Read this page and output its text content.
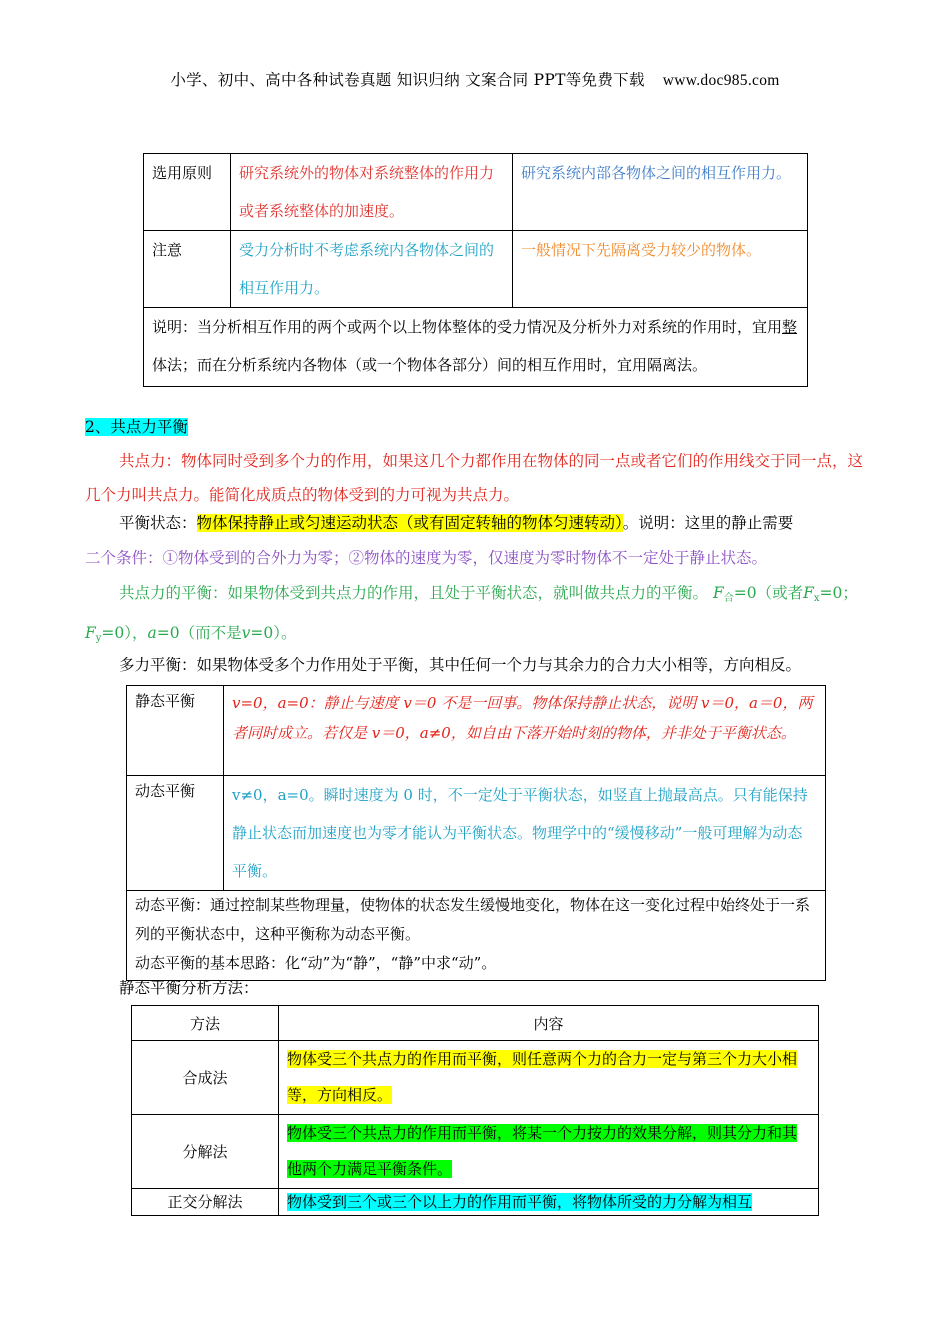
小学、初中、高中各种试卷真题 知识归纳 文案合同 PPT等免费下载 www.doc985.com
选用原则	研究系统外的物体对系统整体的作用力或者系统整体的加速度。	研究系统内部各物体之间的相互作用力。
注意	受力分析时不考虑系统内各物体之间的相互作用力。	一般情况下先隔离受力较少的物体。
说明：当分析相互作用的两个或两个以上物体整体的受力情况及分析外力对系统的作用时，宜用整体法；而在分析系统内各物体（或一个物体各部分）间的相互作用时，宜用隔离法。		
2、共点力平衡
共点力：物体同时受到多个力的作用，如果这几个力都作用在物体的同一点或者它们的作用线交于同一点，这几个力叫共点力。能简化成质点的物体受到的力可视为共点力。
平衡状态：物体保持静止或匀速运动状态（或有固定转轴的物体匀速转动）。说明：这里的静止需要
二个条件：①物体受到的合外力为零；②物体的速度为零，仅速度为零时物体不一定处于静止状态。
共点力的平衡：如果物体受到共点力的作用，且处于平衡状态，就叫做共点力的平衡。 $F_合=0$（或者$F_x=0$；$F_y=0$），a=0（而不是v=0）。
多力平衡：如果物体受多个力作用处于平衡，其中任何一个力与其余力的合力大小相等，方向相反。
静态平衡	v=0，a=0：静止与速度 v＝0 不是一回事。物体保持静止状态，说明 v＝0，a＝0，两者同时成立。若仅是 v＝0，a≠0，如自由下落开始时刻的物体，并非处于平衡状态。
动态平衡	v≠0，a=0。瞬时速度为 0 时，不一定处于平衡状态，如竖直上抛最高点。只有能保持静止状态而加速度也为零才能认为平衡状态。物理学中的“缓慢移动”一般可理解为动态平衡。

动态平衡：通过控制某些物理量，使物体的状态发生缓慢地变化，物体在这一变化过程中始终处于一系列的平衡状态中，这种平衡称为动态平衡。
动态平衡的基本思路：化“动”为“静”，“静”中求“动”。	
静态平衡分析方法：
方法	内容
合成法	物体受三个共点力的作用而平衡，则任意两个力的合力一定与第三个力大小相等，方向相反。
分解法	物体受三个共点力的作用而平衡，将某一个力按力的效果分解，则其分力和其他两个力满足平衡条件。
正交分解法	物体受到三个或三个以上力的作用而平衡，将物体所受的力分解为相互
